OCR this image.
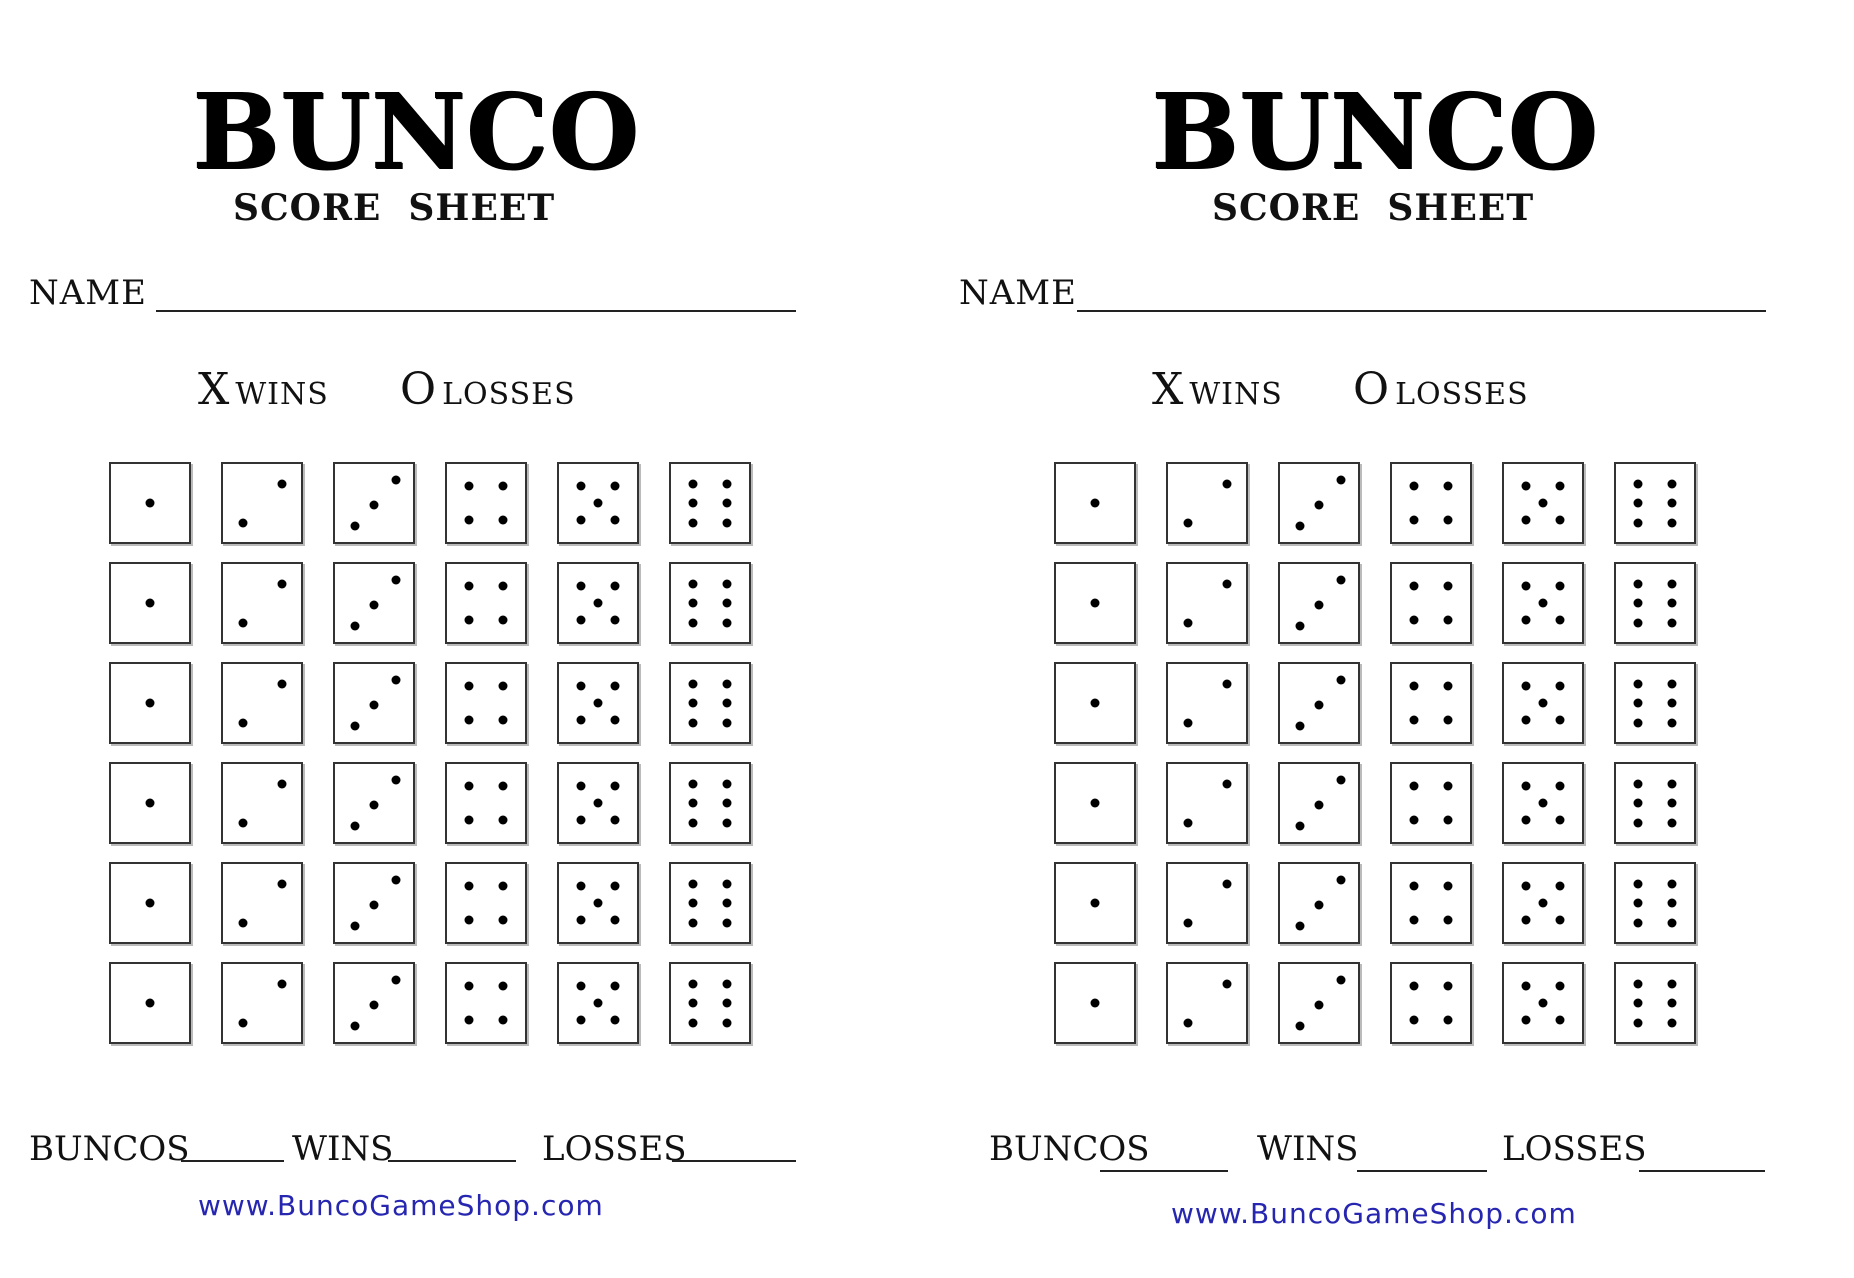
BUNCO
SCORE  SHEET
NAME
X WINS O LOSSES
BUNCOS	WINS	LOSSES
www.BuncoGameShop.com
BUNCO
SCORE  SHEET
NAME
X WINS O LOSSES
BUNCOS	WINS	LOSSES
www.BuncoGameShop.com
